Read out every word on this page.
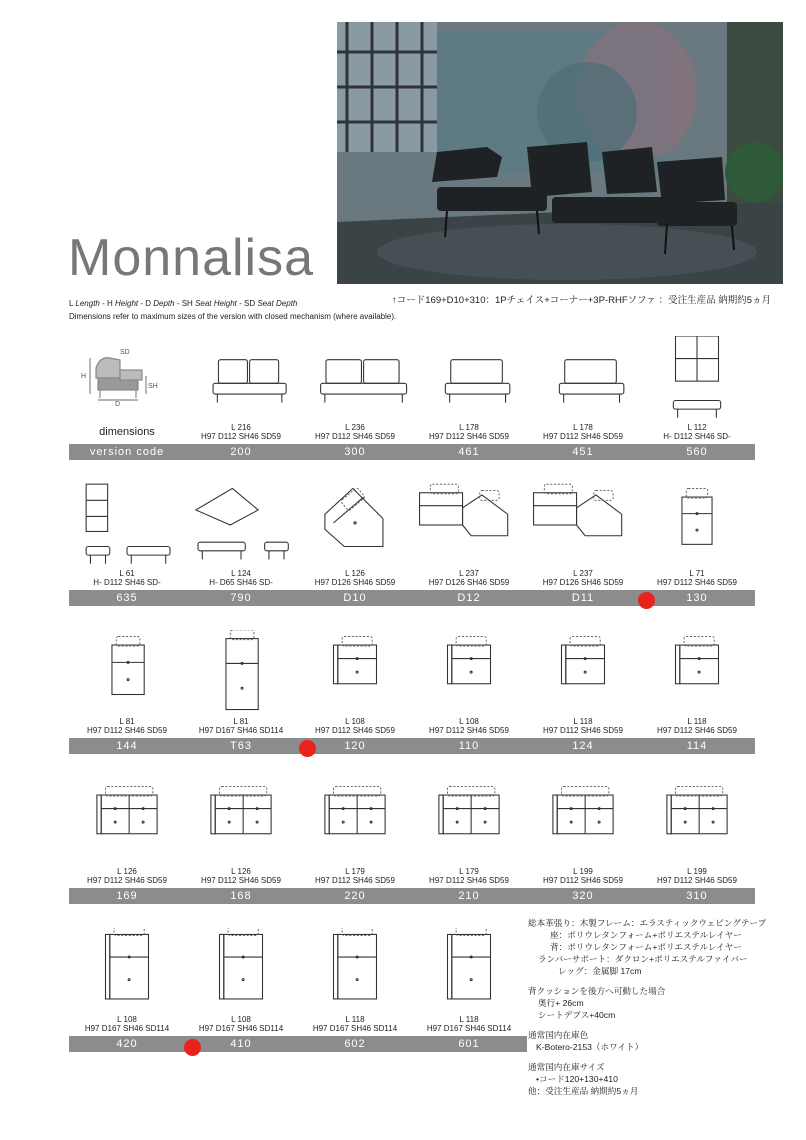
Monnalisa
↑コード169+D10+310：1Pチェイス+コーナー+3P-RHFソファ ：受注生産品 納期約5ヵ月
L Length - H Height - D Depth - SH Seat Height - SD Seat Depth
Dimensions refer to maximum sizes of the version with closed mechanism (where available).
SD
H
SH
D
dimensions
version code
L 216
H97 D112 SH46 SD59
200
L 236
H97 D112 SH46 SD59
300
L 178
H97 D112 SH46 SD59
461
L 178
H97 D112 SH46 SD59
451
L 112
H- D112 SH46 SD-
560
L 61
H- D112 SH46 SD-
635
L 124
H- D65 SH46 SD-
790
L 126
H97 D126 SH46 SD59
D10
L 237
H97 D126 SH46 SD59
D12
L 237
H97 D126 SH46 SD59
D11
L 71
H97 D112 SH46 SD59
130
L 81
H97 D112 SH46 SD59
144
L 81
H97 D167 SH46 SD114
T63
L 108
H97 D112 SH46 SD59
120
L 108
H97 D112 SH46 SD59
110
L 118
H97 D112 SH46 SD59
124
L 118
H97 D112 SH46 SD59
114
L 126
H97 D112 SH46 SD59
169
L 126
H97 D112 SH46 SD59
168
L 179
H97 D112 SH46 SD59
220
L 179
H97 D112 SH46 SD59
210
L 199
H97 D112 SH46 SD59
320
L 199
H97 D112 SH46 SD59
310
L 108
H97 D167 SH46 SD114
420
L 108
H97 D167 SH46 SD114
410
L 118
H97 D167 SH46 SD114
602
L 118
H97 D167 SH46 SD114
601
総本革張り：木製フレーム：エラスティックウェビングテープ
座：ポリウレタンフォーム+ポリエステルレイヤー
背：ポリウレタンフォーム+ポリエステルレイヤー
ランバーサポート：ダクロン+ポリエステルファイバー
レッグ：金属脚 17cm
背クッションを後方へ可動した場合
奥行+ 26cm
シートデプス+40cm
通常国内在庫色
K-Botero-2153（ホワイト）
通常国内在庫サイズ
•コード120+130+410
他：受注生産品 納期約5ヵ月
